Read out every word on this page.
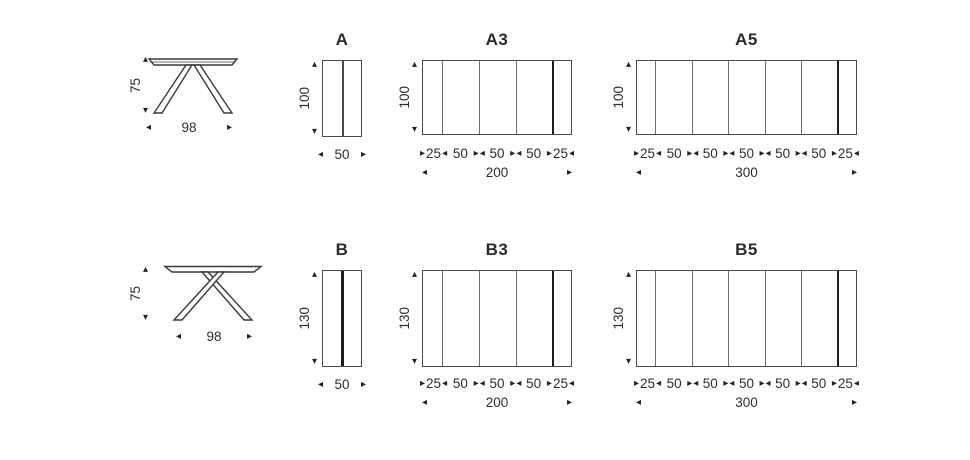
▴
75
▾
◂ 98	▸
A
▴
100
▾
◂ 50 ▸
A3
▴
100
▾
▸ 25 ◂ 50 ▸ ◂ 50 ▸ ◂ 50 ▸ 25 ◂
◂	200	▸
A5
▴
100
▾
▸ 25 ◂ 50 ▸ ◂ 50 ▸ ◂ 50 ▸ ◂ 50 ▸ ◂ 50 ▸ 25 ◂
◂	300	▸
▴
75
▾
◂ 98	▸
B
▴
130
▾
◂ 50 ▸
B3
▴
130
▾
▸ 25 ◂ 50 ▸ ◂ 50 ▸ ◂ 50 ▸ 25 ◂
◂	200	▸
B5
▴
130
▾
▸ 25 ◂ 50 ▸ ◂ 50 ▸ ◂ 50 ▸ ◂ 50 ▸ ◂ 50 ▸ 25 ◂
◂	300	▸
